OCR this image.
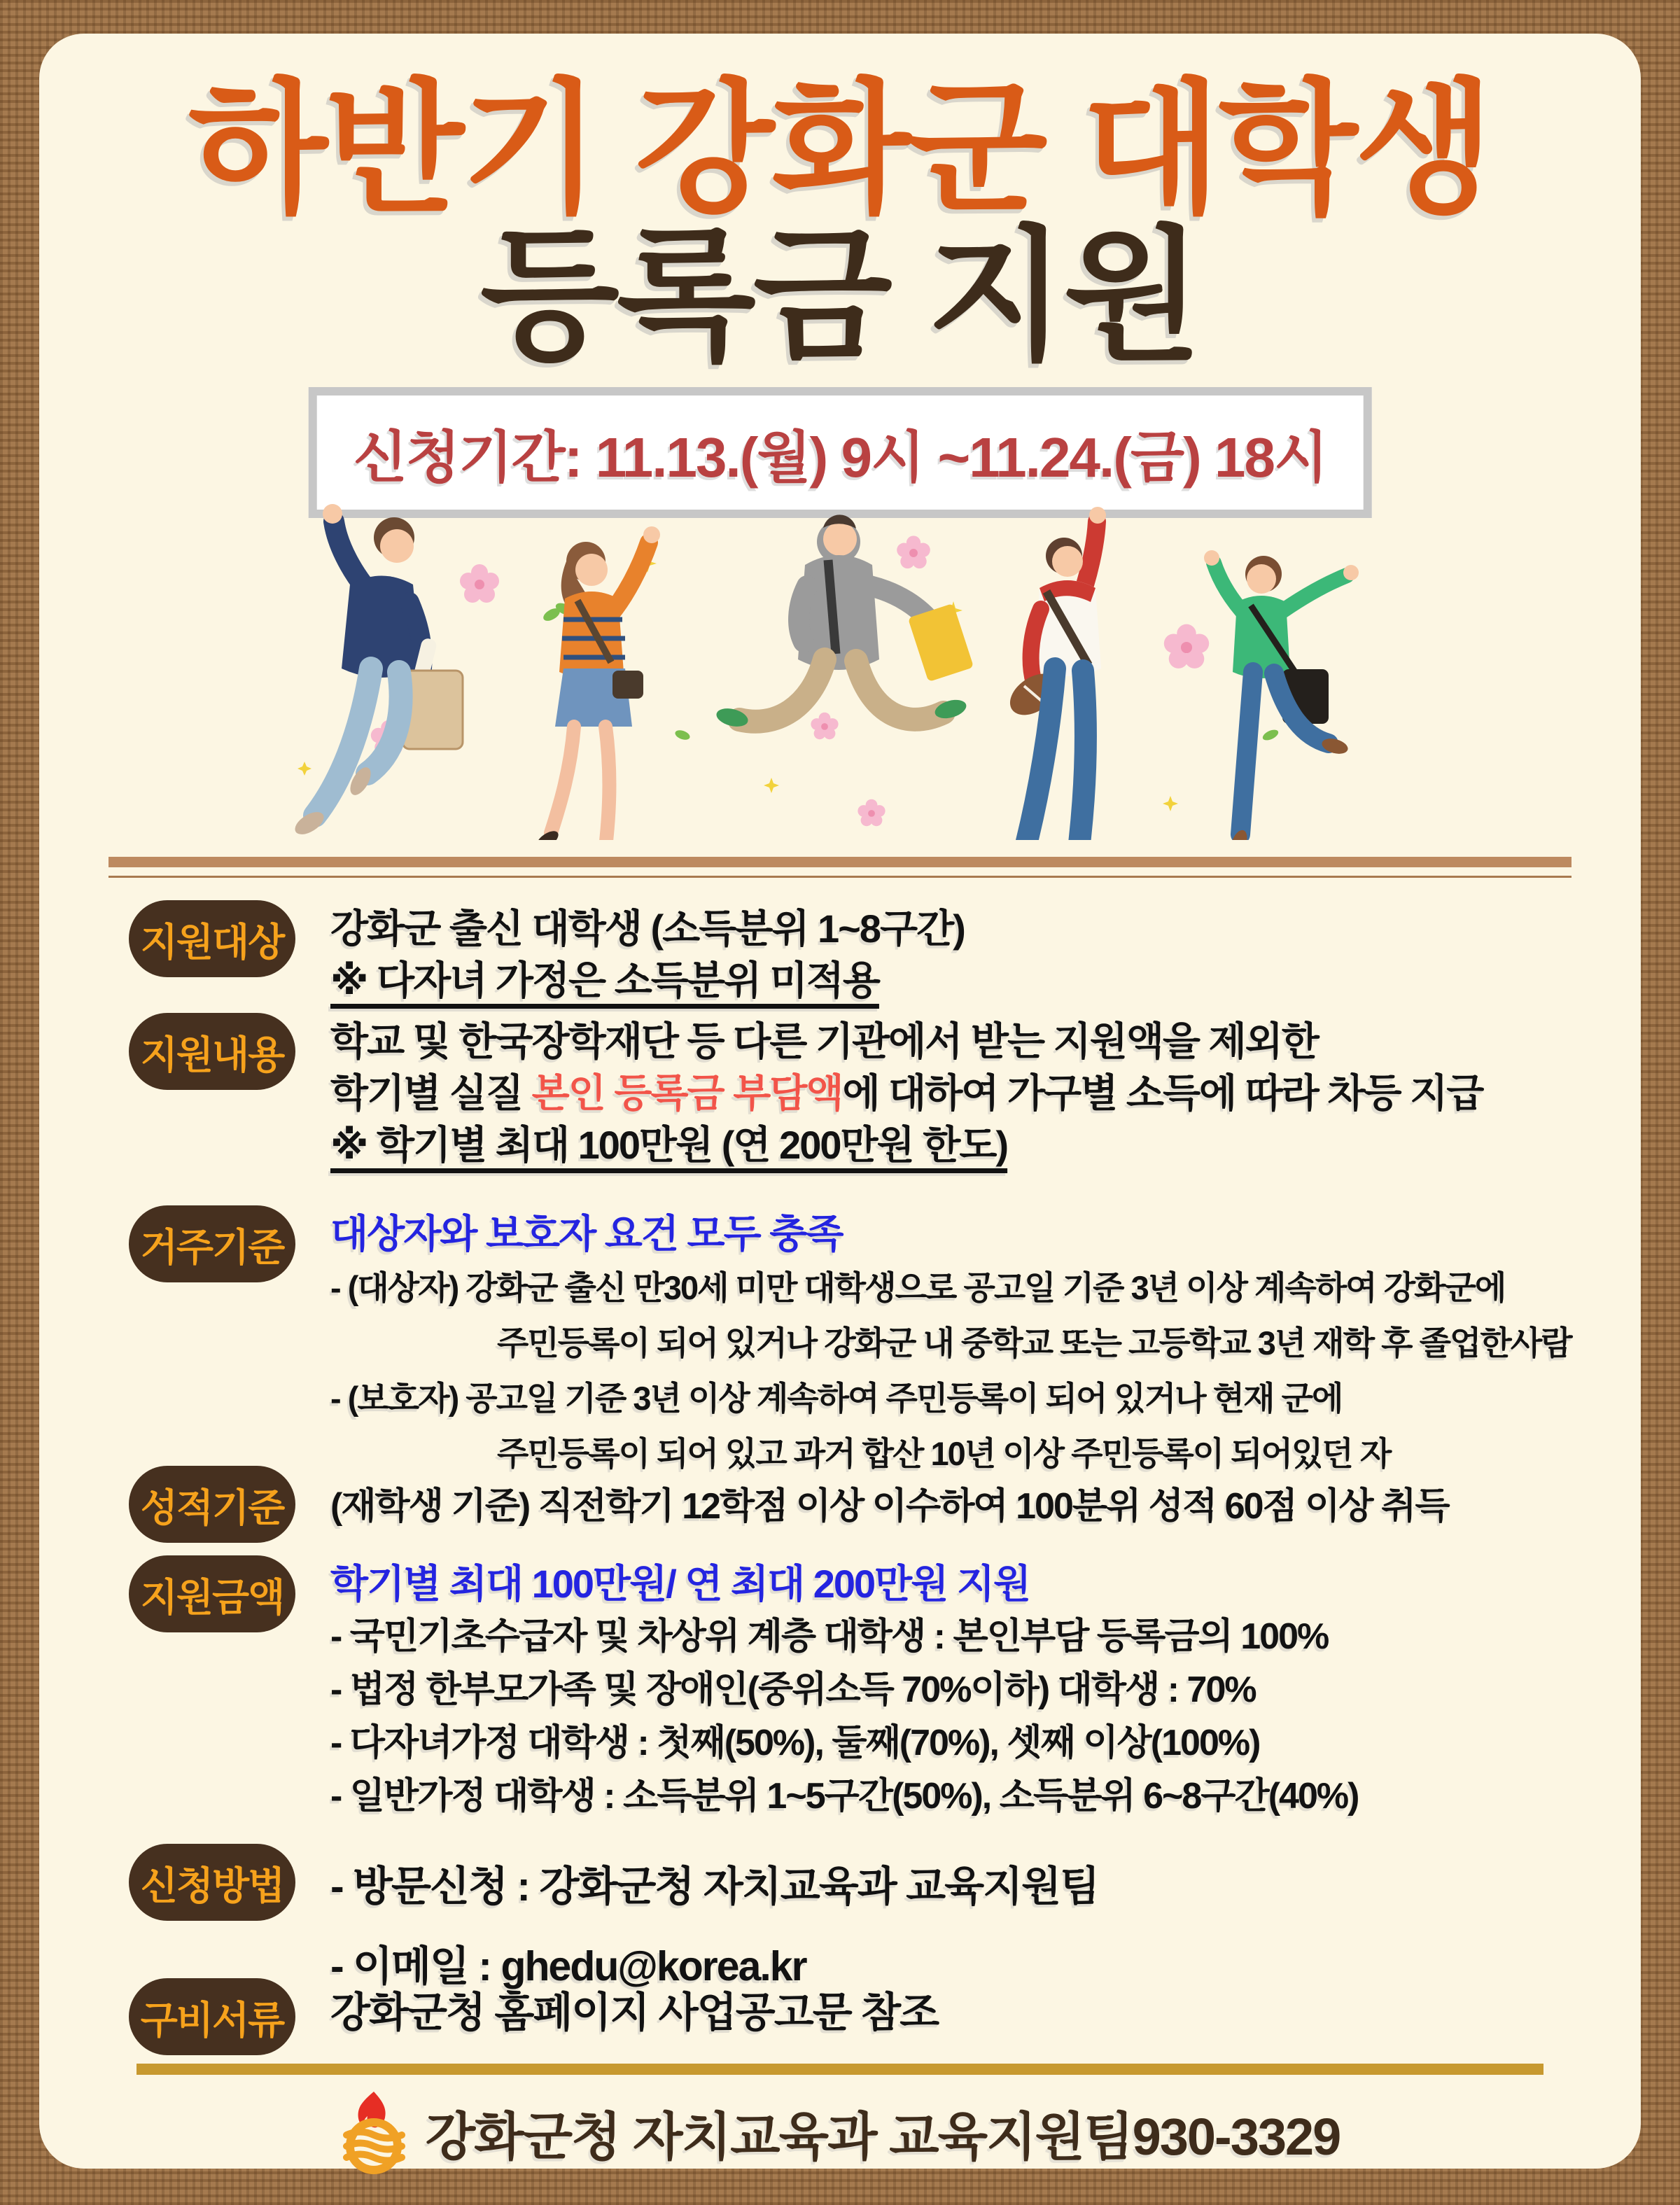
하반기 강화군 대학생
등록금 지원
신청기간: 11.13.(월) 9시 ~11.24.(금) 18시
지원대상 강화군 출신 대학생 (소득분위 1~8구간)
※ 다자녀 가정은 소득분위 미적용
지원내용 학교 및 한국장학재단 등 다른 기관에서 받는 지원액을 제외한
학기별 실질 본인 등록금 부담액에 대하여 가구별 소득에 따라 차등 지급
※ 학기별 최대 100만원 (연 200만원 한도)
거주기준 대상자와 보호자 요건 모두 충족
- (대상자) 강화군 출신 만30세 미만 대학생으로 공고일 기준 3년 이상 계속하여 강화군에
주민등록이 되어 있거나 강화군 내 중학교 또는 고등학교 3년 재학 후 졸업한사람
- (보호자) 공고일 기준 3년 이상 계속하여 주민등록이 되어 있거나 현재 군에
주민등록이 되어 있고 과거 합산 10년 이상 주민등록이 되어있던 자
성적기준	(재학생 기준) 직전학기 12학점 이상 이수하여 100분위 성적 60점 이상 취득
지원금액 학기별 최대 100만원/ 연 최대 200만원 지원
- 국민기초수급자 및 차상위 계층 대학생 : 본인부담 등록금의 100%
- 법정 한부모가족 및 장애인(중위소득 70%이하) 대학생 : 70%
- 다자녀가정 대학생 : 첫째(50%), 둘째(70%), 셋째 이상(100%)
- 일반가정 대학생 : 소득분위 1~5구간(50%), 소득분위 6~8구간(40%)
신청방법 - 방문신청 : 강화군청 자치교육과 교육지원팀
- 이메일 : ghedu@korea.kr
구비서류 강화군청 홈페이지 사업공고문 참조
강화군청 자치교육과 교육지원팀930-3329
